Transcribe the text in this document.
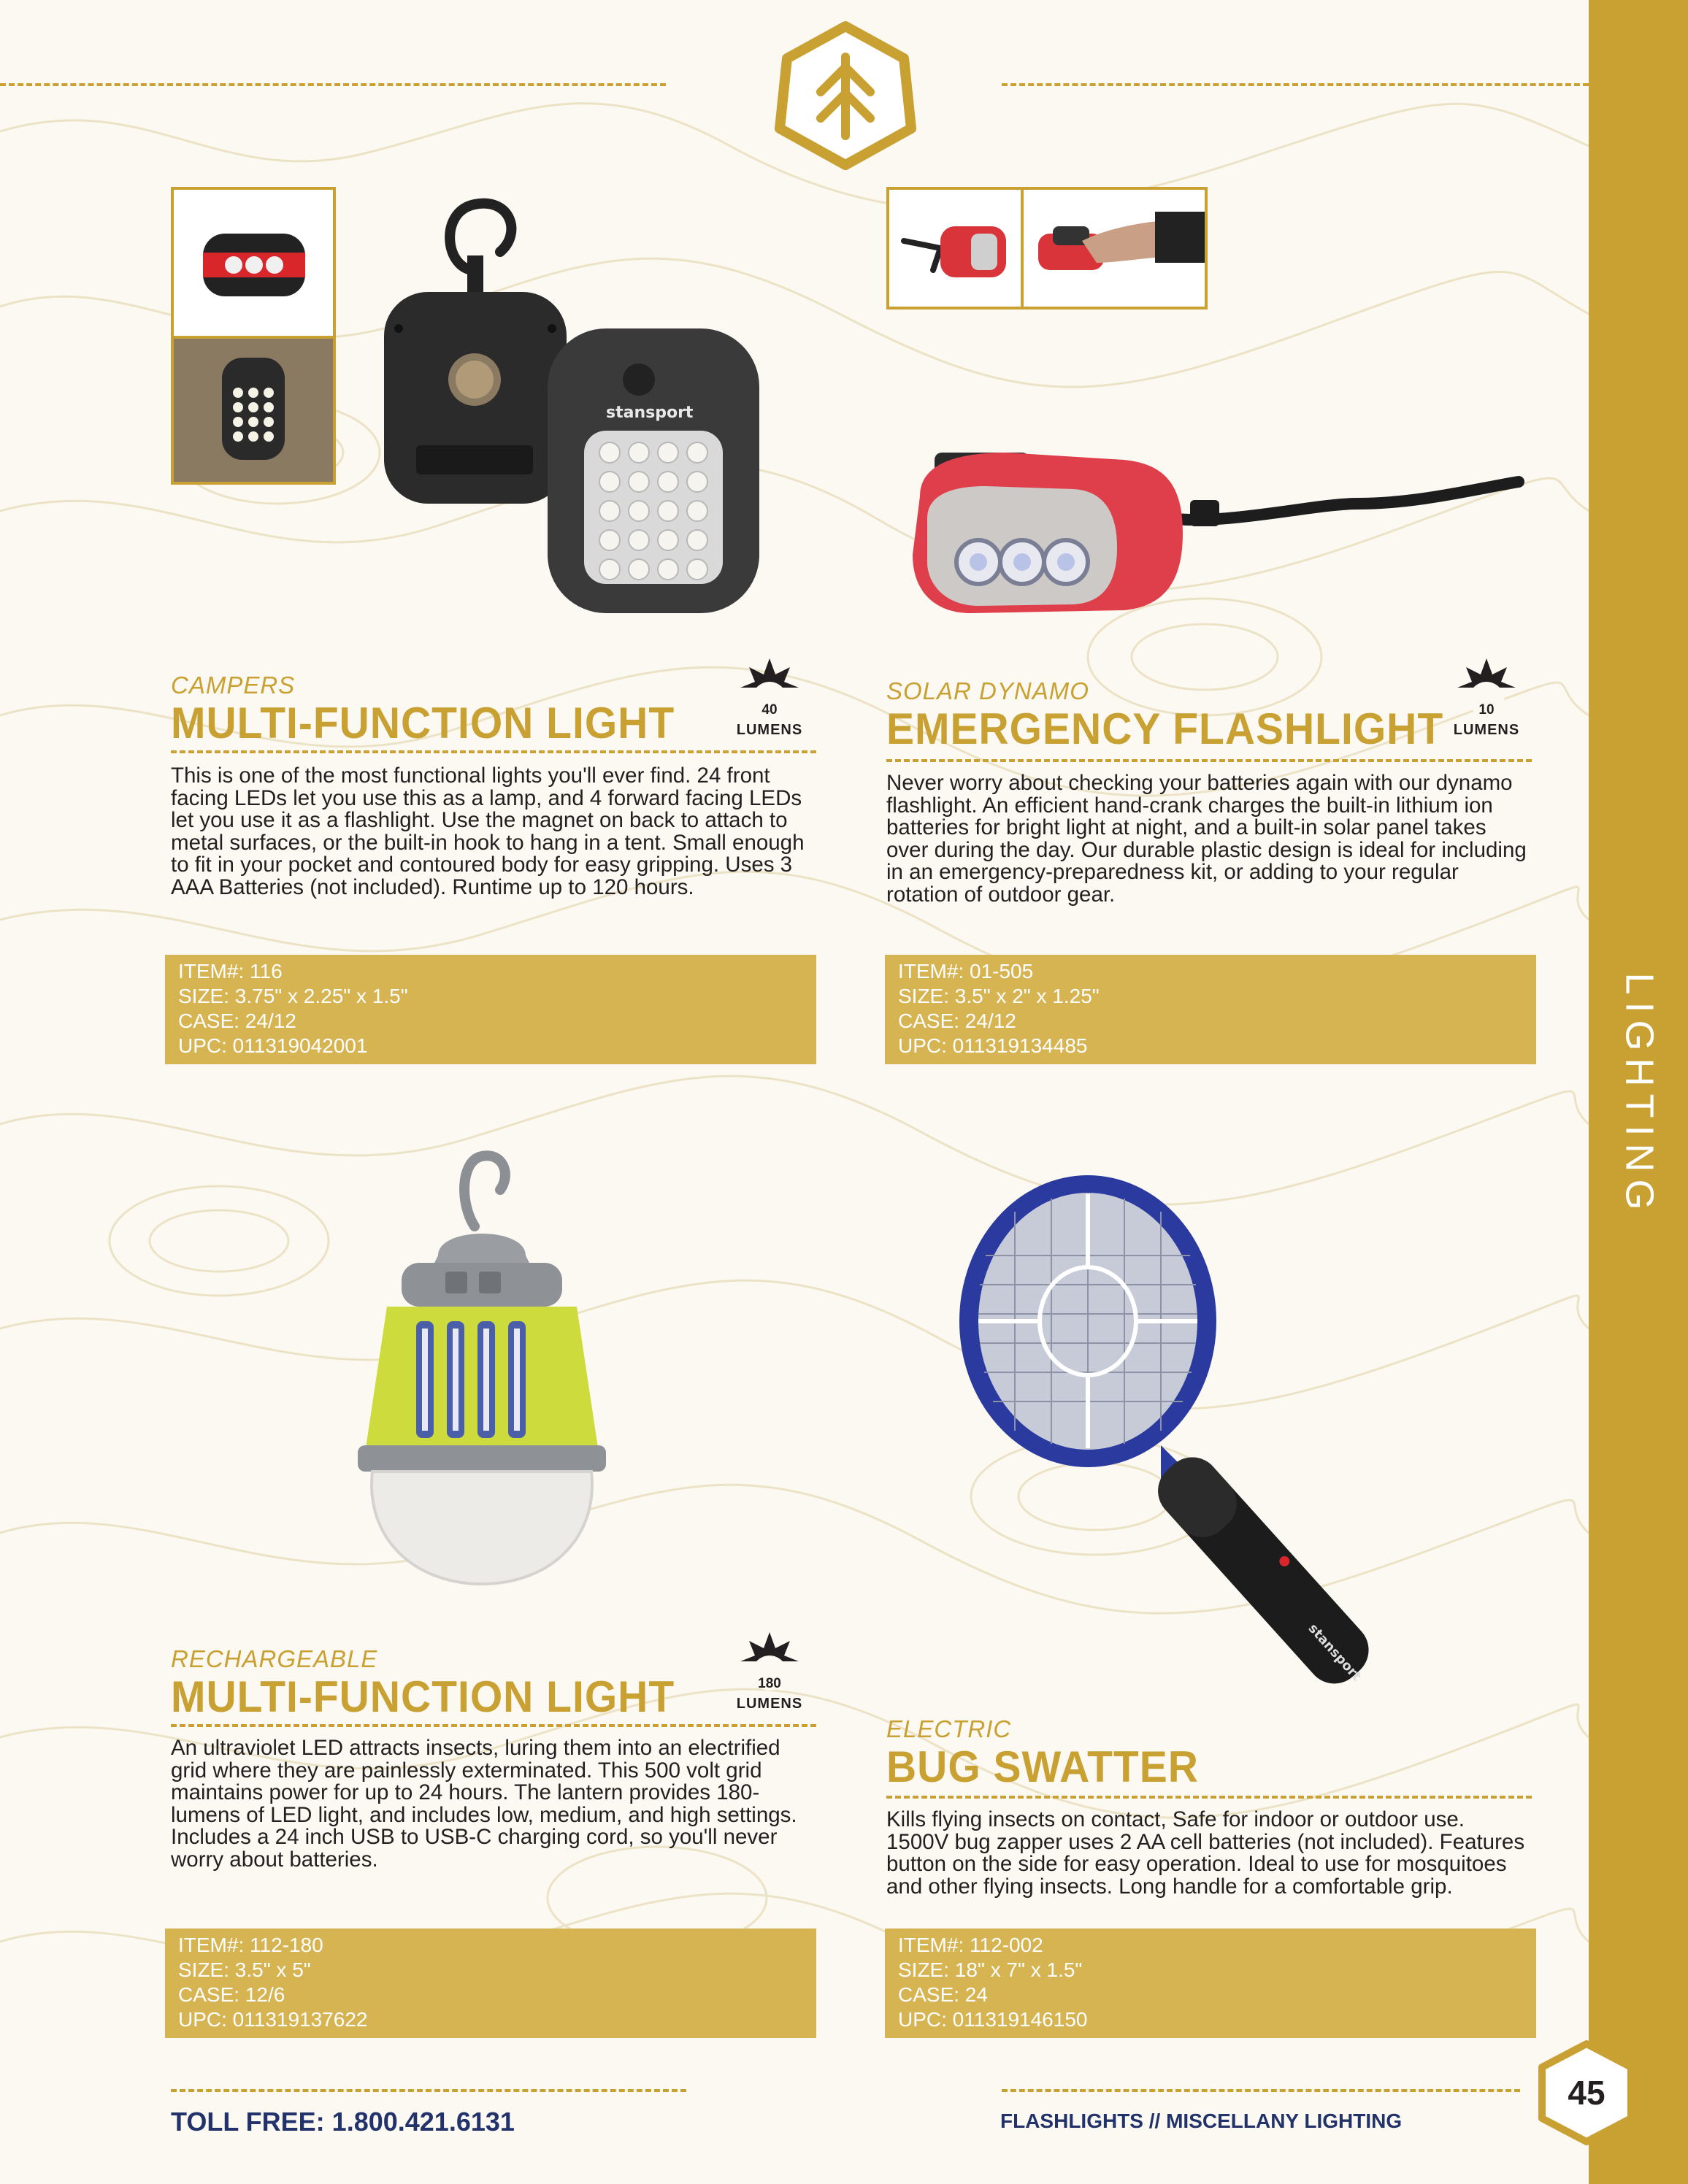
LIGHTING
stansport
CAMPERS
MULTI-FUNCTION LIGHT	40
LUMENS
This is one of the most functional lights you'll ever find. 24 front facing LEDs let you use this as a lamp, and 4 forward facing LEDs let you use it as a flashlight. Use the magnet on back to attach to metal surfaces, or the built-in hook to hang in a tent. Small enough to fit in your pocket and contoured body for easy gripping. Uses 3 AAA Batteries (not included). Runtime up to 120 hours.
ITEM#: 116
SIZE: 3.75" x 2.25" x 1.5"
CASE: 24/12
UPC: 011319042001
SOLAR DYNAMO
EMERGENCY FLASHLIGHT	10
LUMENS
Never worry about checking your batteries again with our dynamo flashlight. An efficient hand-crank charges the built-in lithium ion batteries for bright light at night, and a built-in solar panel takes over during the day. Our durable plastic design is ideal for including in an emergency-preparedness kit, or adding to your regular rotation of outdoor gear.
ITEM#: 01-505
SIZE: 3.5" x 2" x 1.25"
CASE: 24/12
UPC: 011319134485
stansport
RECHARGEABLE
MULTI-FUNCTION LIGHT	180
LUMENS
An ultraviolet LED attracts insects, luring them into an electrified grid where they are painlessly exterminated. This 500 volt grid maintains power for up to 24 hours. The lantern provides 180-lumens of LED light, and includes low, medium, and high settings. Includes a 24 inch USB to USB-C charging cord, so you'll never worry about batteries.
ITEM#: 112-180
SIZE: 3.5" x 5"
CASE: 12/6
UPC: 011319137622
ELECTRIC
BUG SWATTER
Kills flying insects on contact, Safe for indoor or outdoor use. 1500V bug zapper uses 2 AA cell batteries (not included). Features button on the side for easy operation. Ideal to use for mosquitoes and other flying insects. Long handle for a comfortable grip.
ITEM#: 112-002
SIZE: 18" x 7" x 1.5"
CASE: 24
UPC: 011319146150
TOLL FREE: 1.800.421.6131	FLASHLIGHTS // MISCELLANY LIGHTING
45
